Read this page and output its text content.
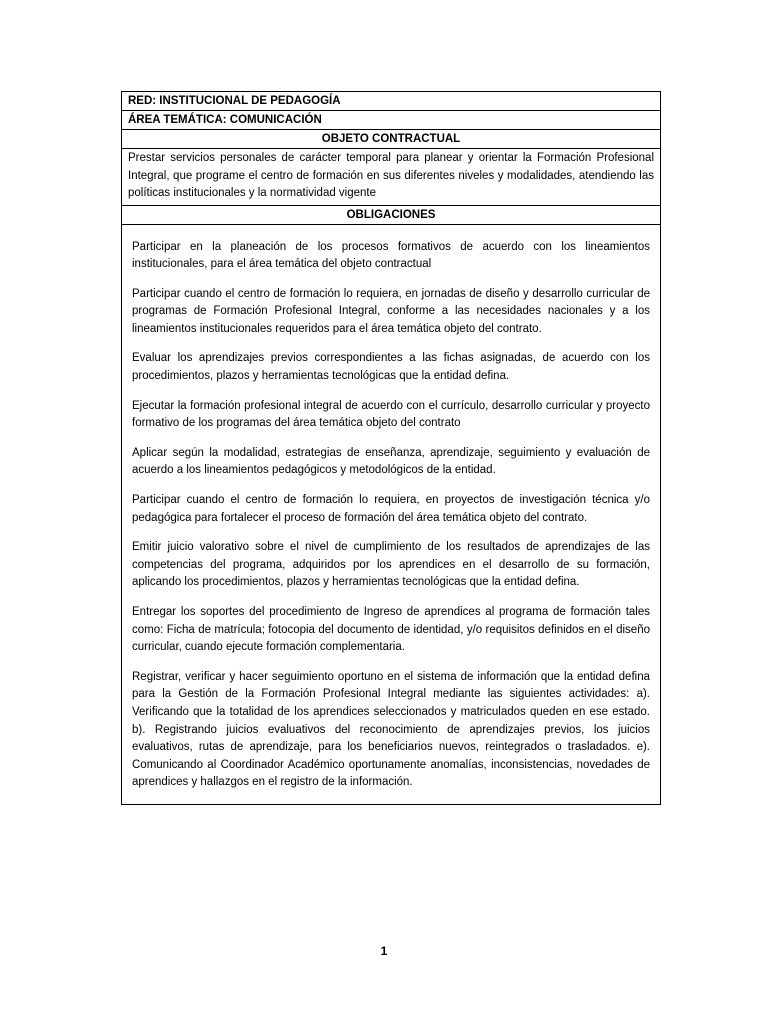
RED: INSTITUCIONAL DE PEDAGOGÍA
ÁREA TEMÁTICA: COMUNICACIÓN
OBJETO CONTRACTUAL
Prestar servicios personales de carácter temporal para planear y orientar la Formación Profesional Integral, que programe el centro de formación en sus diferentes niveles y modalidades, atendiendo las políticas institucionales y la normatividad vigente
OBLIGACIONES

Participar en la planeación de los procesos formativos de acuerdo con los lineamientos institucionales, para el área temática del objeto contractual

Participar cuando el centro de formación lo requiera, en jornadas de diseño y desarrollo curricular de programas de Formación Profesional Integral, conforme a las necesidades nacionales y a los lineamientos institucionales requeridos para el área temática objeto del contrato.

Evaluar los aprendizajes previos correspondientes a las fichas asignadas, de acuerdo con los procedimientos, plazos y herramientas tecnológicas que la entidad defina.

Ejecutar la formación profesional integral de acuerdo con el currículo, desarrollo curricular y proyecto formativo de los programas del área temática objeto del contrato

Aplicar según la modalidad, estrategias de enseñanza, aprendizaje, seguimiento y evaluación de acuerdo a los lineamientos pedagógicos y metodológicos de la entidad.

Participar cuando el centro de formación lo requiera, en proyectos de investigación técnica y/o pedagógica para fortalecer el proceso de formación del área temática objeto del contrato.

Emitir juicio valorativo sobre el nivel de cumplimiento de los resultados de aprendizajes de las competencias del programa, adquiridos por los aprendices en el desarrollo de su formación, aplicando los procedimientos, plazos y herramientas tecnológicas que la entidad defina.

Entregar los soportes del procedimiento de Ingreso de aprendices al programa de formación tales como: Ficha de matrícula; fotocopia del documento de identidad, y/o requisitos definidos en el diseño curricular, cuando ejecute formación complementaria.

Registrar, verificar y hacer seguimiento oportuno en el sistema de información que la entidad defina para la Gestión de la Formación Profesional Integral mediante las siguientes actividades: a). Verificando que la totalidad de los aprendices seleccionados y matriculados queden en ese estado. b). Registrando juicios evaluativos del reconocimiento de aprendizajes previos, los juicios evaluativos, rutas de aprendizaje, para los beneficiarios nuevos, reintegrados o trasladados. e). Comunicando al Coordinador Académico oportunamente anomalías, inconsistencias, novedades de aprendices y hallazgos en el registro de la información.

1
